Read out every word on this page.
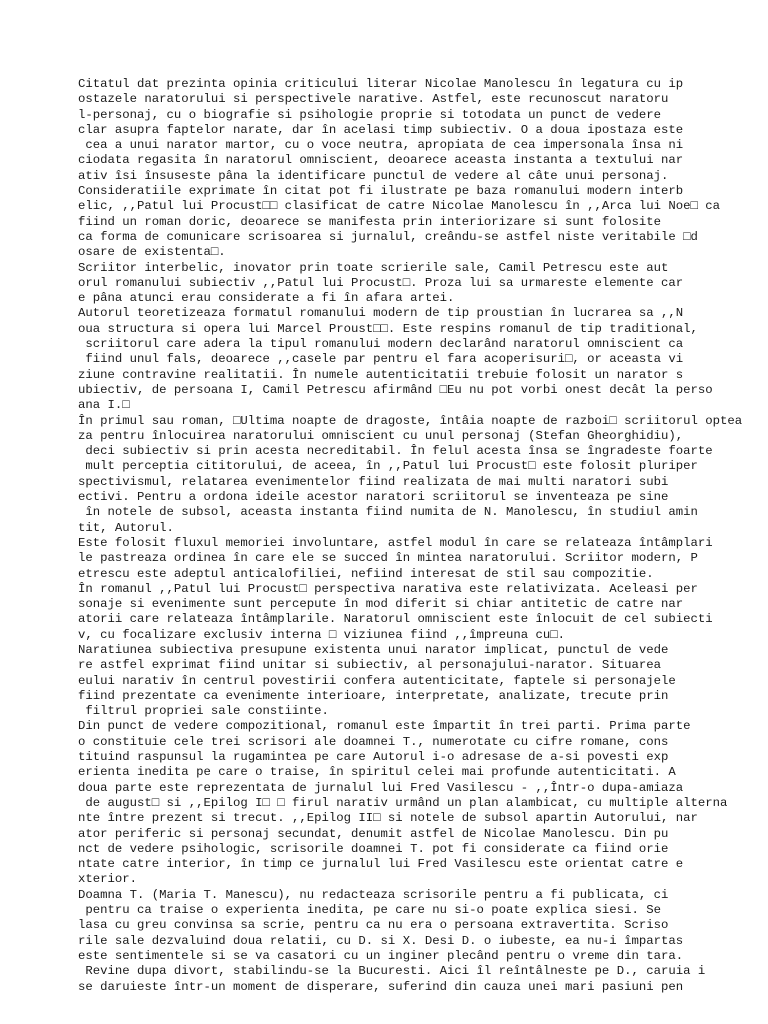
Citatul dat prezinta opinia criticului literar Nicolae Manolescu în legatura cu ip
ostazele naratorului si perspectivele narative. Astfel, este recunoscut naratoru
l-personaj, cu o biografie si psihologie proprie si totodata un punct de vedere
clar asupra faptelor narate, dar în acelasi timp subiectiv. O a doua ipostaza este
cea a unui narator martor, cu o voce neutra, apropiata de cea impersonala însa ni
ciodata regasita în naratorul omniscient, deoarece aceasta instanta a textului nar
ativ îsi însuseste pâna la identificare punctul de vedere al câte unui personaj.
Consideratiile exprimate în citat pot fi ilustrate pe baza romanului modern interb
elic, ,,Patul lui Procust□□ clasificat de catre Nicolae Manolescu în ,,Arca lui Noe□ ca
fiind un roman doric, deoarece se manifesta prin interiorizare si sunt folosite
ca forma de comunicare scrisoarea si jurnalul, creându-se astfel niste veritabile □d
osare de existenta□.
Scriitor interbelic, inovator prin toate scrierile sale, Camil Petrescu este aut
orul romanului subiectiv ,,Patul lui Procust□. Proza lui sa urmareste elemente car
e pâna atunci erau considerate a fi în afara artei.
Autorul teoretizeaza formatul romanului modern de tip proustian în lucrarea sa ,,N
oua structura si opera lui Marcel Proust□□. Este respins romanul de tip traditional,
scriitorul care adera la tipul romanului modern declarând naratorul omniscient ca
fiind unul fals, deoarece ,,casele par pentru el fara acoperisuri□, or aceasta vi
ziune contravine realitatii. În numele autenticitatii trebuie folosit un narator s
ubiectiv, de persoana I, Camil Petrescu afirmând □Eu nu pot vorbi onest decât la perso
ana I.□
În primul sau roman, □Ultima noapte de dragoste, întâia noapte de razboi□ scriitorul optea
za pentru înlocuirea naratorului omniscient cu unul personaj (Stefan Gheorghidiu),
deci subiectiv si prin acesta necreditabil. În felul acesta însa se îngradeste foarte
mult perceptia cititorului, de aceea, în ,,Patul lui Procust□ este folosit pluriper
spectivismul, relatarea evenimentelor fiind realizata de mai multi naratori subi
ectivi. Pentru a ordona ideile acestor naratori scriitorul se inventeaza pe sine
în notele de subsol, aceasta instanta fiind numita de N. Manolescu, în studiul amin
tit, Autorul.
Este folosit fluxul memoriei involuntare, astfel modul în care se relateaza întâmplari
le pastreaza ordinea în care ele se succed în mintea naratorului. Scriitor modern, P
etrescu este adeptul anticalofiliei, nefiind interesat de stil sau compozitie.
În romanul ,,Patul lui Procust□ perspectiva narativa este relativizata. Aceleasi per
sonaje si evenimente sunt percepute în mod diferit si chiar antitetic de catre nar
atorii care relateaza întâmplarile. Naratorul omniscient este înlocuit de cel subiecti
v, cu focalizare exclusiv interna □ viziunea fiind ,,împreuna cu□.
Naratiunea subiectiva presupune existenta unui narator implicat, punctul de vede
re astfel exprimat fiind unitar si subiectiv, al personajului-narator. Situarea
eului narativ în centrul povestirii confera autenticitate, faptele si personajele
fiind prezentate ca evenimente interioare, interpretate, analizate, trecute prin
filtrul propriei sale constiinte.
Din punct de vedere compozitional, romanul este împartit în trei parti. Prima parte
o constituie cele trei scrisori ale doamnei T., numerotate cu cifre romane, cons
tituind raspunsul la rugamintea pe care Autorul i-o adresase de a-si povesti exp
erienta inedita pe care o traise, în spiritul celei mai profunde autenticitati. A
doua parte este reprezentata de jurnalul lui Fred Vasilescu - ,,Într-o dupa-amiaza
de august□ si ,,Epilog I□ □ firul narativ urmând un plan alambicat, cu multiple alterna
nte între prezent si trecut. ,,Epilog II□ si notele de subsol apartin Autorului, nar
ator periferic si personaj secundat, denumit astfel de Nicolae Manolescu. Din pu
nct de vedere psihologic, scrisorile doamnei T. pot fi considerate ca fiind orie
ntate catre interior, în timp ce jurnalul lui Fred Vasilescu este orientat catre e
xterior.
Doamna T. (Maria T. Manescu), nu redacteaza scrisorile pentru a fi publicata, ci
pentru ca traise o experienta inedita, pe care nu si-o poate explica siesi. Se
lasa cu greu convinsa sa scrie, pentru ca nu era o persoana extravertita. Scriso
rile sale dezvaluind doua relatii, cu D. si X. Desi D. o iubeste, ea nu-i împartas
este sentimentele si se va casatori cu un inginer plecând pentru o vreme din tara.
Revine dupa divort, stabilindu-se la Bucuresti. Aici îl reîntâlneste pe D., caruia i
se daruieste într-un moment de disperare, suferind din cauza unei mari pasiuni pen
